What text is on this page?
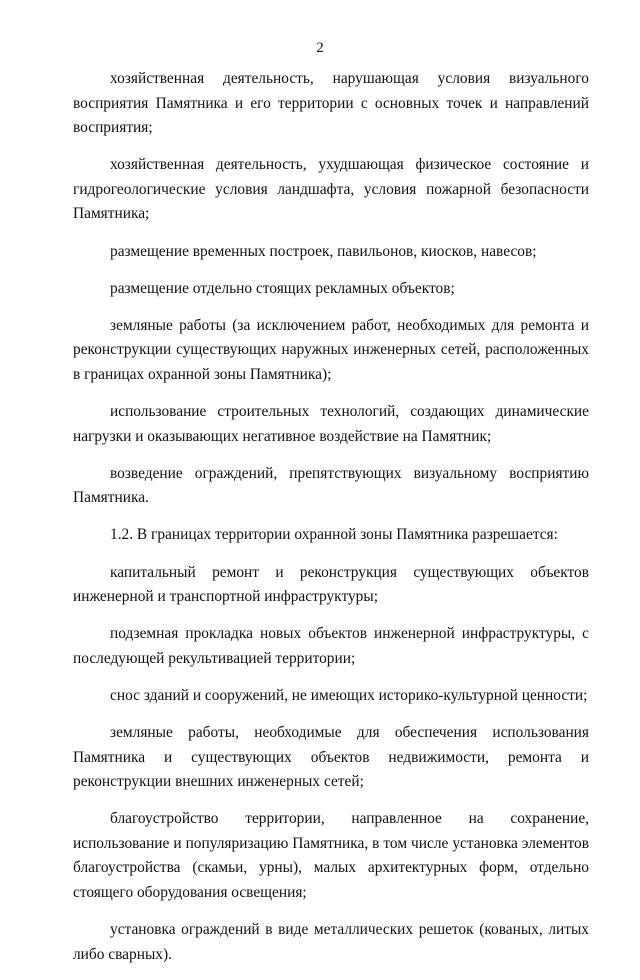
2

хозяйственная деятельность, нарушающая условия визуального восприятия Памятника и его территории с основных точек и направлений восприятия;

хозяйственная деятельность, ухудшающая физическое состояние и гидрогеологические условия ландшафта, условия пожарной безопасности Памятника;

размещение временных построек, павильонов, киосков, навесов;

размещение отдельно стоящих рекламных объектов;

земляные работы (за исключением работ, необходимых для ремонта и реконструкции существующих наружных инженерных сетей, расположенных в границах охранной зоны Памятника);

использование строительных технологий, создающих динамические нагрузки и оказывающих негативное воздействие на Памятник;

возведение ограждений, препятствующих визуальному восприятию Памятника.

1.2. В границах территории охранной зоны Памятника разрешается:

капитальный ремонт и реконструкция существующих объектов инженерной и транспортной инфраструктуры;

подземная прокладка новых объектов инженерной инфраструктуры, с последующей рекультивацией территории;

снос зданий и сооружений, не имеющих историко-культурной ценности;

земляные работы, необходимые для обеспечения использования Памятника и существующих объектов недвижимости, ремонта и реконструкции внешних инженерных сетей;

благоустройство территории, направленное на сохранение, использование и популяризацию Памятника, в том числе установка элементов благоустройства (скамьи, урны), малых архитектурных форм, отдельно стоящего оборудования освещения;

установка ограждений в виде металлических решеток (кованых, литых либо сварных).
